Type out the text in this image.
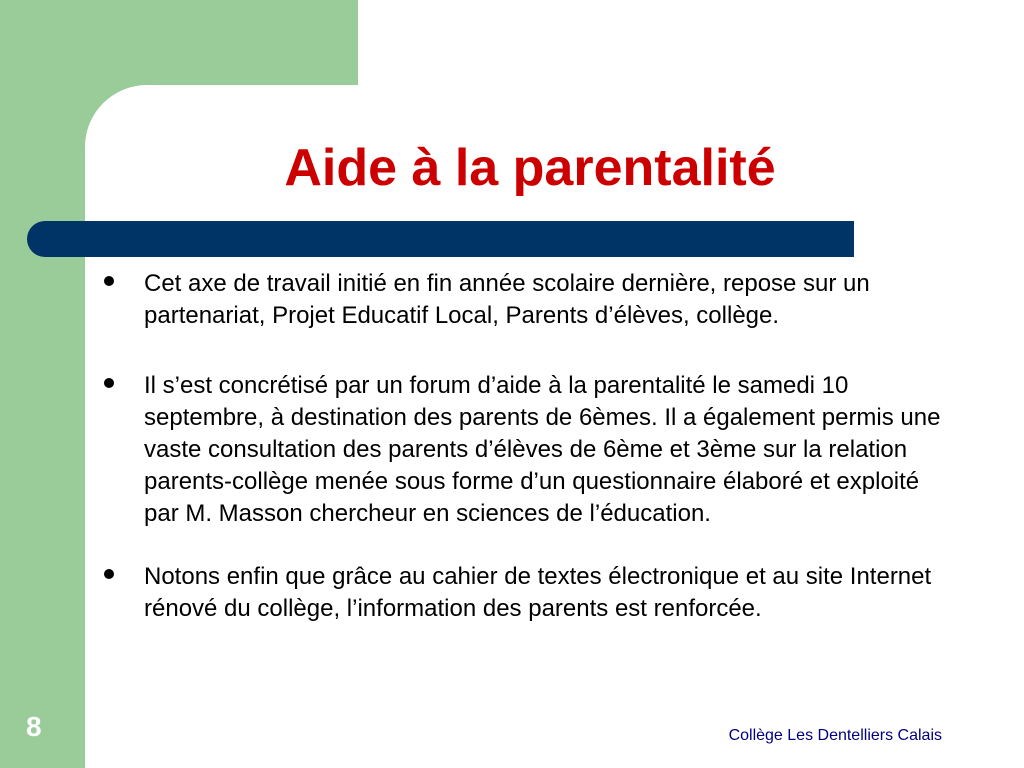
Aide à la parentalité
Cet axe de travail initié en fin année scolaire dernière, repose sur un partenariat, Projet Educatif Local, Parents d’élèves, collège.
Il s’est concrétisé par un forum d’aide à la parentalité le samedi 10 septembre, à destination des parents de 6èmes. Il a également permis une vaste consultation des parents d’élèves de 6ème et 3ème sur la relation parents-collège menée sous forme d’un questionnaire élaboré et exploité par M. Masson chercheur en sciences de l’éducation.
Notons enfin que grâce au cahier de textes électronique et au site Internet rénové du collège, l’information des parents est renforcée.
8	Collège Les Dentelliers Calais
